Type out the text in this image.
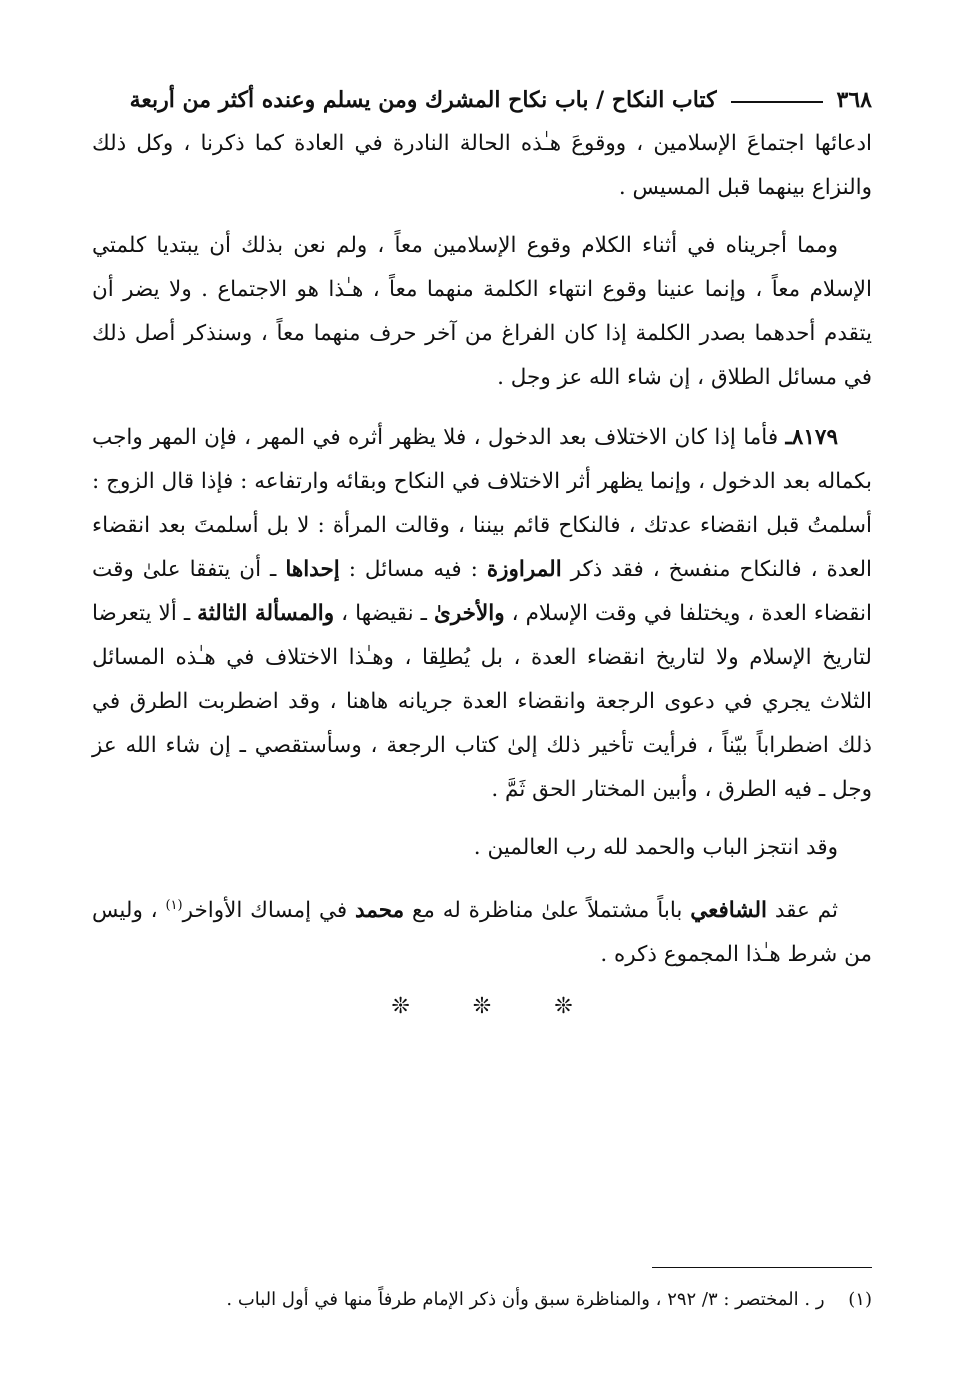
٣٦٨
كتاب النكاح / باب نكاح المشرك ومن يسلم وعنده أكثر من أربعة

ادعائها اجتماعَ الإسلامين ، ووقوعَ هـٰذه الحالة النادرة في العادة كما ذكرنا ، وكل ذلك والنزاع بينهما قبل المسيس .

ومما أجريناه في أثناء الكلام وقوع الإسلامين معاً ، ولم نعن بذلك أن يبتديا كلمتي الإسلام معاً ، وإنما عنينا وقوع انتهاء الكلمة منهما معاً ، هـٰذا هو الاجتماع . ولا يضر أن يتقدم أحدهما بصدر الكلمة إذا كان الفراغ من آخر حرف منهما معاً ، وسنذكر أصل ذلك في مسائل الطلاق ، إن شاء الله عز وجل .

٨١٧٩ـ فأما إذا كان الاختلاف بعد الدخول ، فلا يظهر أثره في المهر ، فإن المهر واجب بكماله بعد الدخول ، وإنما يظهر أثر الاختلاف في النكاح وبقائه وارتفاعه : فإذا قال الزوج : أسلمتُ قبل انقضاء عدتك ، فالنكاح قائم بيننا ، وقالت المرأة : لا بل أسلمتَ بعد انقضاء العدة ، فالنكاح منفسخ ، فقد ذكر المراوزة : فيه مسائل : إحداها ـ أن يتفقا علىٰ وقت انقضاء العدة ، ويختلفا في وقت الإسلام ، والأخرىٰ ـ نقيضها ، والمسألة الثالثة ـ ألا يتعرضا لتاريخ الإسلام ولا لتاريخ انقضاء العدة ، بل يُطلِقا ، وهـٰذا الاختلاف في هـٰذه المسائل الثلاث يجري في دعوى الرجعة وانقضاء العدة جريانه هاهنا ، وقد اضطربت الطرق في ذلك اضطراباً بيّناً ، فرأيت تأخير ذلك إلىٰ كتاب الرجعة ، وسأستقصي ـ إن شاء الله عز وجل ـ فيه الطرق ، وأبين المختار الحق ثَمَّ .

وقد انتجز الباب والحمد لله رب العالمين .

ثم عقد الشافعي باباً مشتملاً علىٰ مناظرة له مع محمد في إمساك الأواخر$^{(١)}$ ، وليس من شرط هـٰذا المجموع ذكره .

❊ ❊ ❊
(١) ر . المختصر : ٣/ ٢٩٢ ، والمناظرة سبق وأن ذكر الإمام طرفاً منها في أول الباب .
